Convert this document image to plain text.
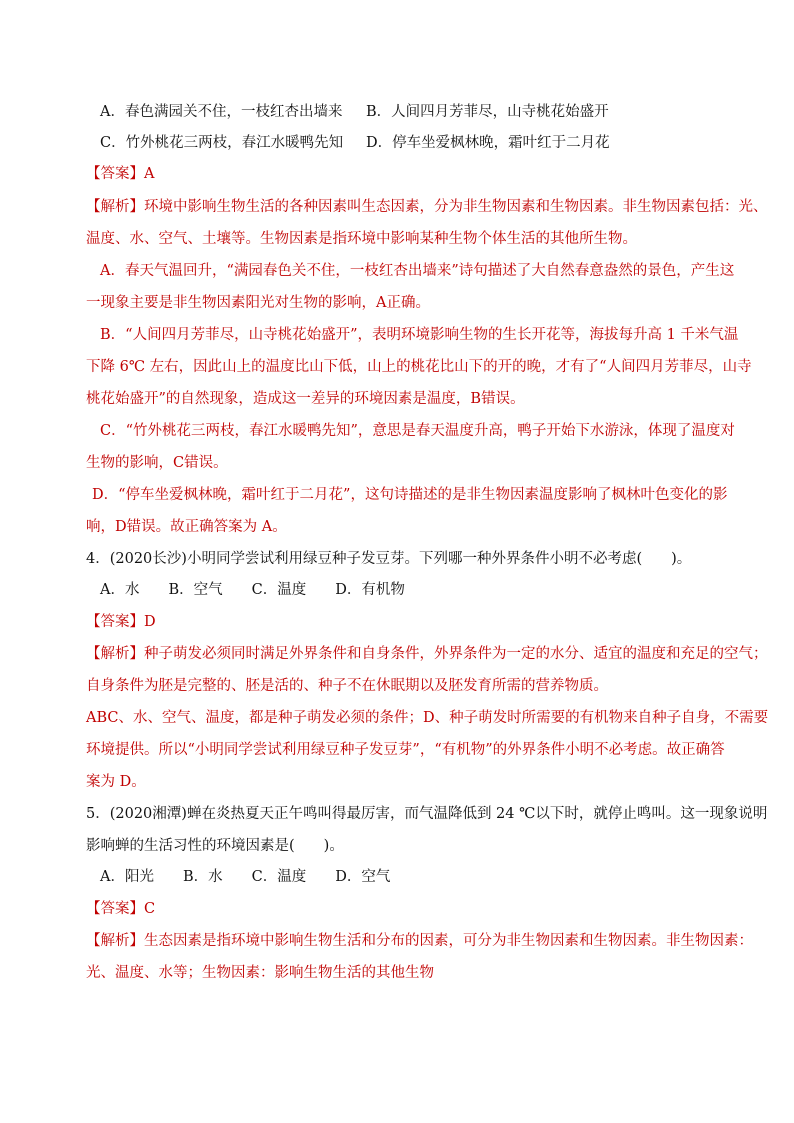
A．春色满园关不住，一枝红杏出墙来 B．人间四月芳菲尽，山寺桃花始盛开
C．竹外桃花三两枝，春江水暖鸭先知 D．停车坐爱枫林晚，霜叶红于二月花
【答案】A
【解析】环境中影响生物生活的各种因素叫生态因素，分为非生物因素和生物因素。非生物因素包括：光、
温度、水、空气、土壤等。生物因素是指环境中影响某种生物个体生活的其他所生物。
A．春天气温回升，“满园春色关不住，一枝红杏出墙来”诗句描述了大自然春意盎然的景色，产生这
一现象主要是非生物因素阳光对生物的影响，A正确。
B．“人间四月芳菲尽，山寺桃花始盛开”，表明环境影响生物的生长开花等，海拔每升高 1 千米气温
下降 6℃ 左右，因此山上的温度比山下低，山上的桃花比山下的开的晚，才有了“人间四月芳菲尽，山寺
桃花始盛开”的自然现象，造成这一差异的环境因素是温度，B错误。
C．“竹外桃花三两枝，春江水暖鸭先知”，意思是春天温度升高，鸭子开始下水游泳，体现了温度对
生物的影响，C错误。
D．“停车坐爱枫林晚，霜叶红于二月花”，这句诗描述的是非生物因素温度影响了枫林叶色变化的影
响，D错误。故正确答案为 A。
4．(2020长沙)小明同学尝试利用绿豆种子发豆芽。下列哪一种外界条件小明不必考虑(　　)。
A．水　　B．空气　　C．温度　　D．有机物
【答案】D
【解析】种子萌发必须同时满足外界条件和自身条件，外界条件为一定的水分、适宜的温度和充足的空气；
自身条件为胚是完整的、胚是活的、种子不在休眠期以及胚发育所需的营养物质。
ABC、水、空气、温度，都是种子萌发必须的条件；D、种子萌发时所需要的有机物来自种子自身，不需要
环境提供。所以“小明同学尝试利用绿豆种子发豆芽”，“有机物”的外界条件小明不必考虑。故正确答
案为 D。
5．(2020湘潭)蝉在炎热夏天正午鸣叫得最厉害，而气温降低到 24 ℃以下时，就停止鸣叫。这一现象说明
影响蝉的生活习性的环境因素是(　　)。
A．阳光　　B．水　　C．温度　　D．空气
【答案】C
【解析】生态因素是指环境中影响生物生活和分布的因素，可分为非生物因素和生物因素。非生物因素：
光、温度、水等；生物因素：影响生物生活的其他生物
